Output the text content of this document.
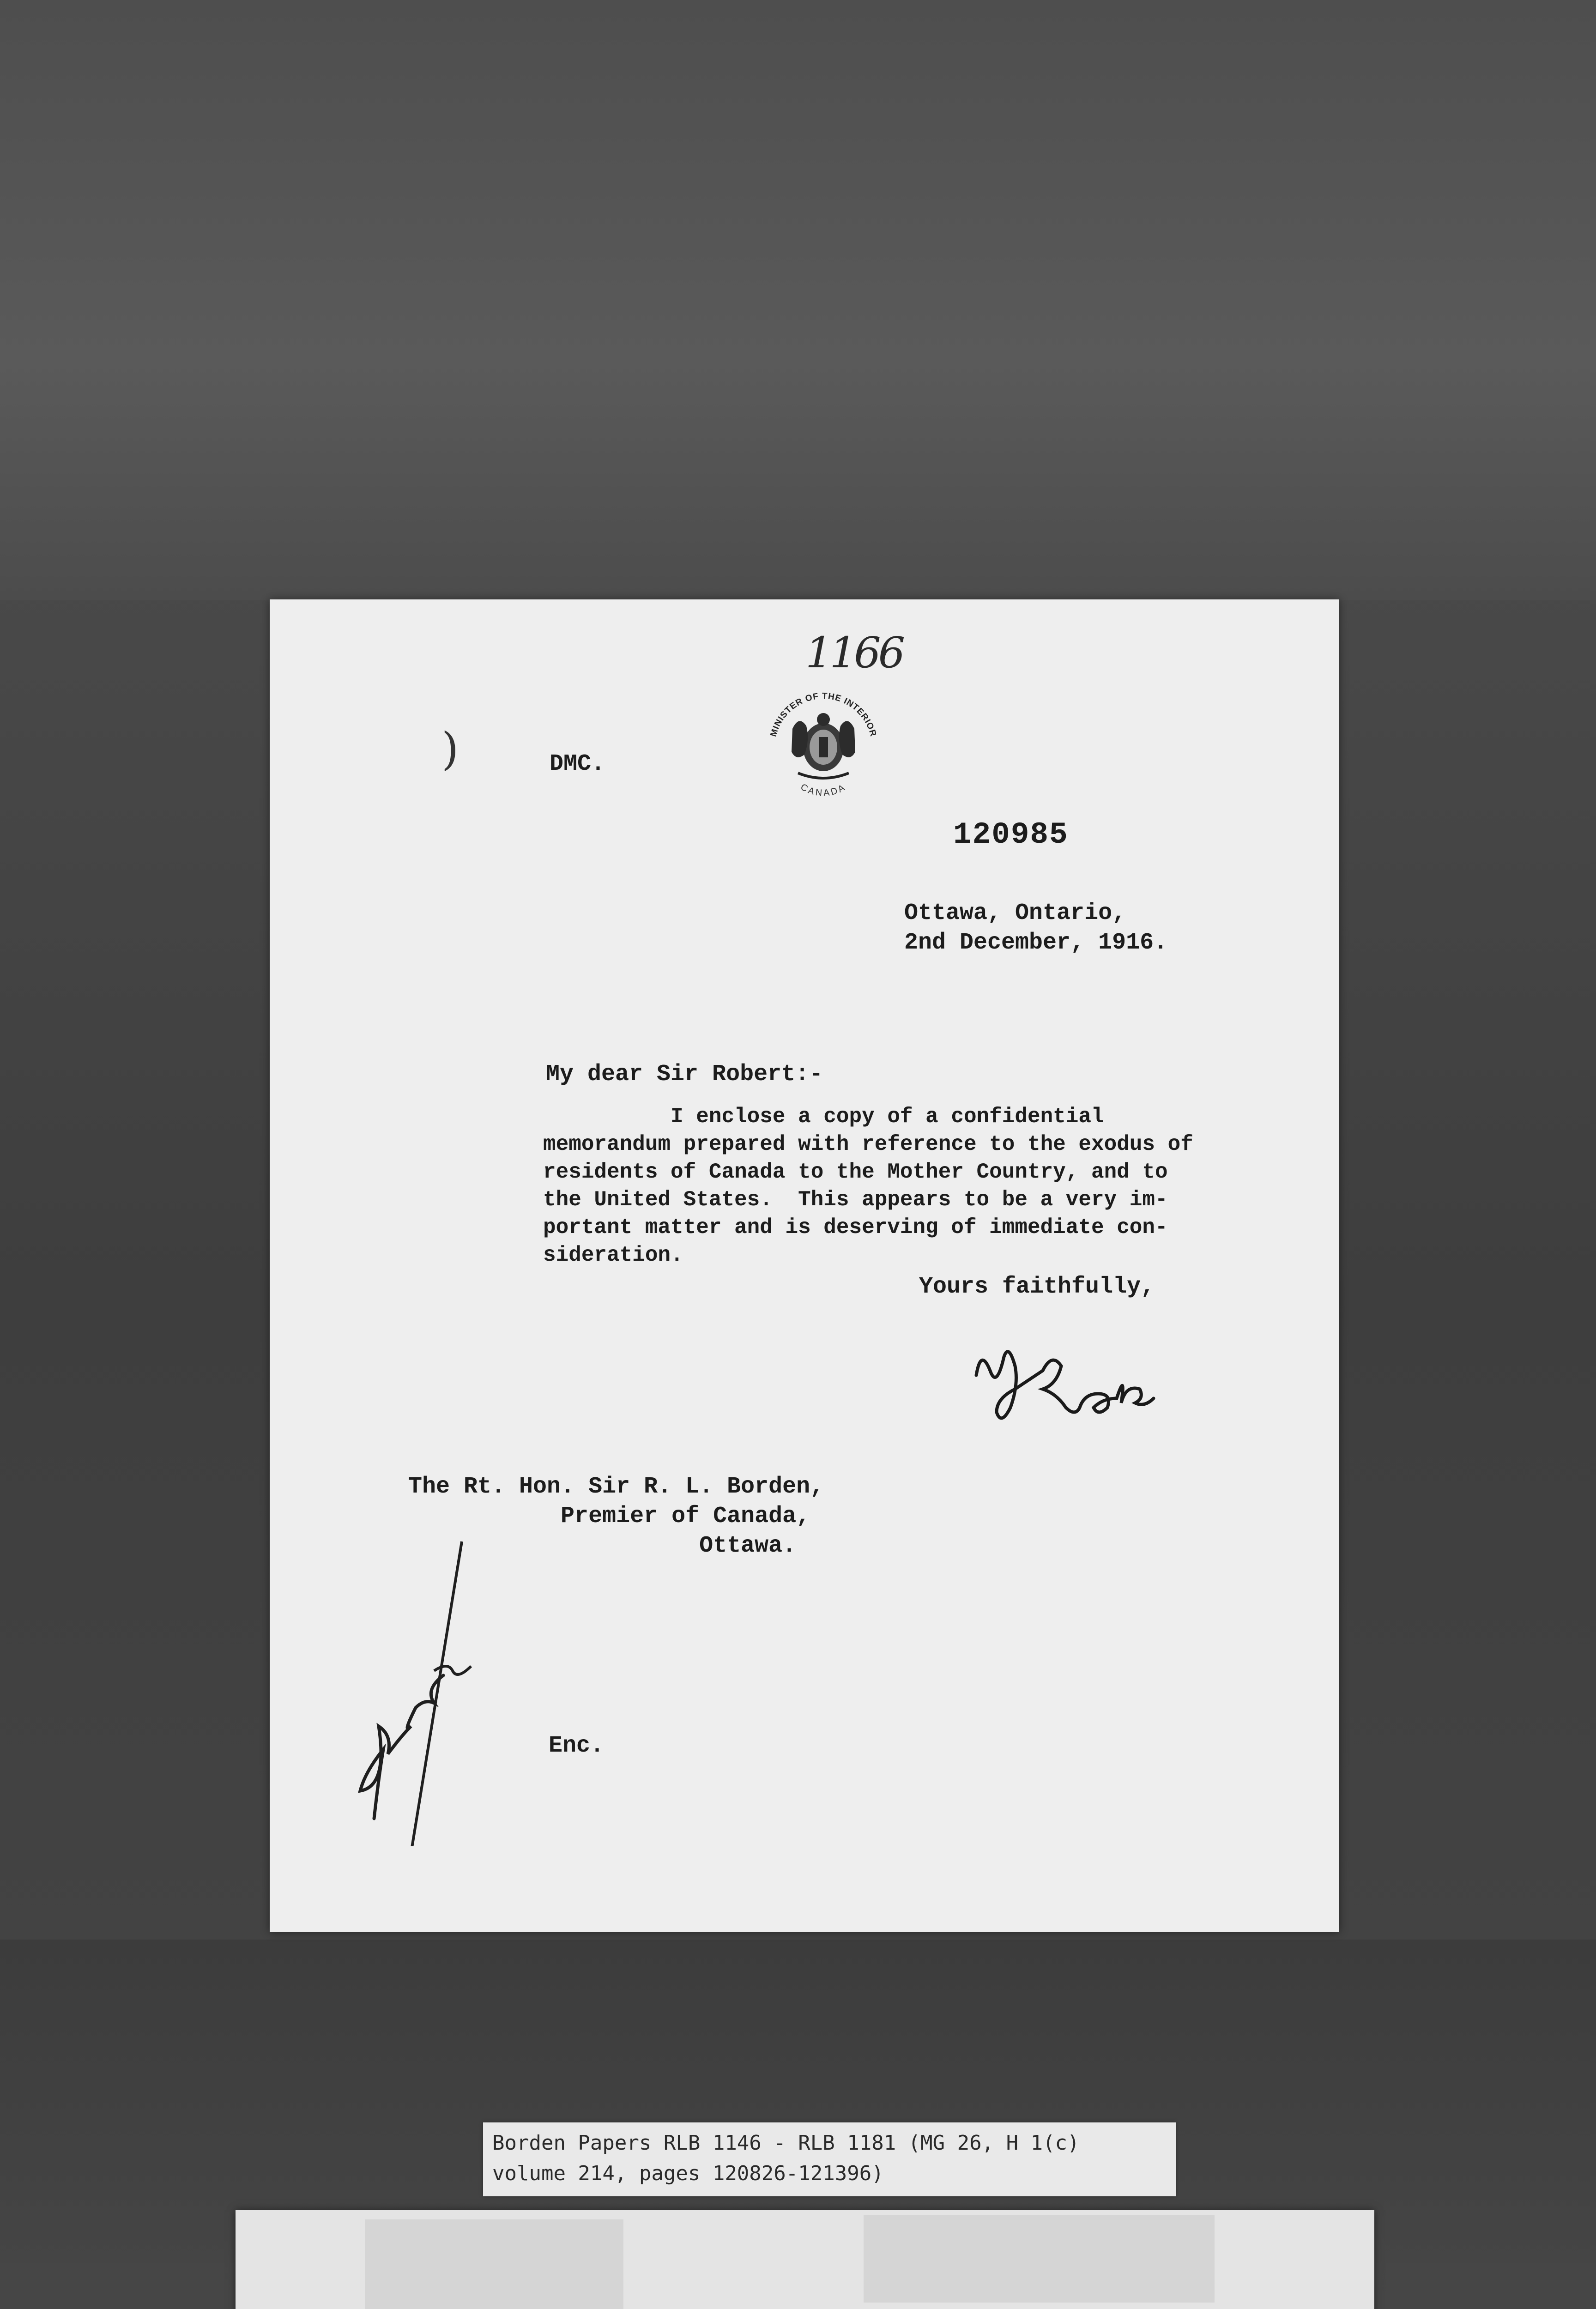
1166
)	MINISTER OF THE INTERIOR
CANADA
DMC.
120985
Ottawa, Ontario,
2nd December, 1916.
My dear Sir Robert:-
I enclose a copy of a confidential
memorandum prepared with reference to the exodus of
residents of Canada to the Mother Country, and to
the United States.  This appears to be a very im-
portant matter and is deserving of immediate con-
sideration.
Yours faithfully,
The Rt. Hon. Sir R. L. Borden,
Premier of Canada,
Ottawa.
Enc.
Borden Papers RLB 1146 - RLB 1181 (MG 26, H 1(c)
volume 214, pages 120826-121396)
